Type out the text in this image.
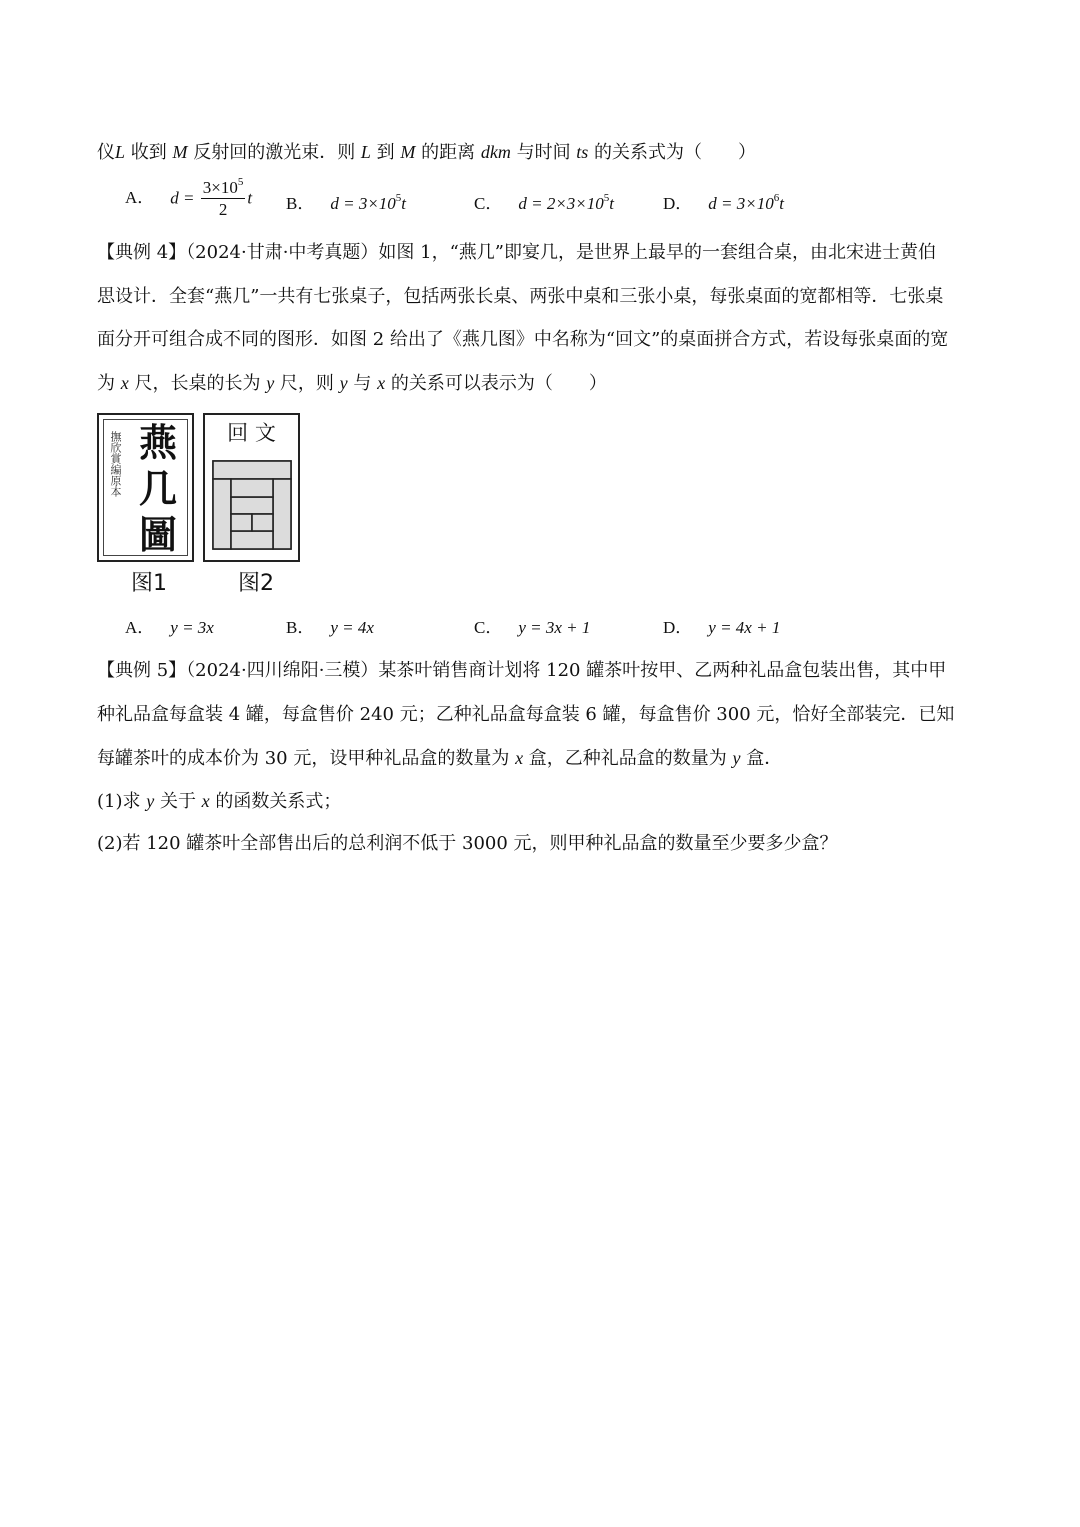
仪L 收到 M 反射回的激光束．则 L 到 M 的距离 dkm 与时间 ts 的关系式为（　　）
A． $d = \frac{3\times 10^5}{2}$ t B． $d = 3\times 10^5t$	C． $d = 2\times 3\times 10^5t$	D． $d = 3\times 10^6t$
【典例 4】（2024·甘肃·中考真题）如图 1，“燕几”即宴几，是世界上最早的一套组合桌，由北宋进士黄伯
思设计．全套“燕几”一共有七张桌子，包括两张长桌、两张中桌和三张小桌，每张桌面的宽都相等．七张桌
面分开可组合成不同的图形．如图 2 给出了《燕几图》中名称为“回文”的桌面拼合方式，若设每张桌面的宽
为 x 尺，长桌的长为 y 尺，则 y 与 x 的关系可以表示为（　　）
撫欣賞編原本 燕
几
圖
图1
回 文
图2
A． y = 3x	B． y = 4x	C． y = 3x + 1	D． y = 4x + 1
【典例 5】（2024·四川绵阳·三模）某茶叶销售商计划将 120 罐茶叶按甲、乙两种礼品盒包装出售，其中甲
种礼品盒每盒装 4 罐，每盒售价 240 元；乙种礼品盒每盒装 6 罐，每盒售价 300 元，恰好全部装完．已知
每罐茶叶的成本价为 30 元，设甲种礼品盒的数量为 x 盒，乙种礼品盒的数量为 y 盒．
(1)求 y 关于 x 的函数关系式；
(2)若 120 罐茶叶全部售出后的总利润不低于 3000 元，则甲种礼品盒的数量至少要多少盒？
